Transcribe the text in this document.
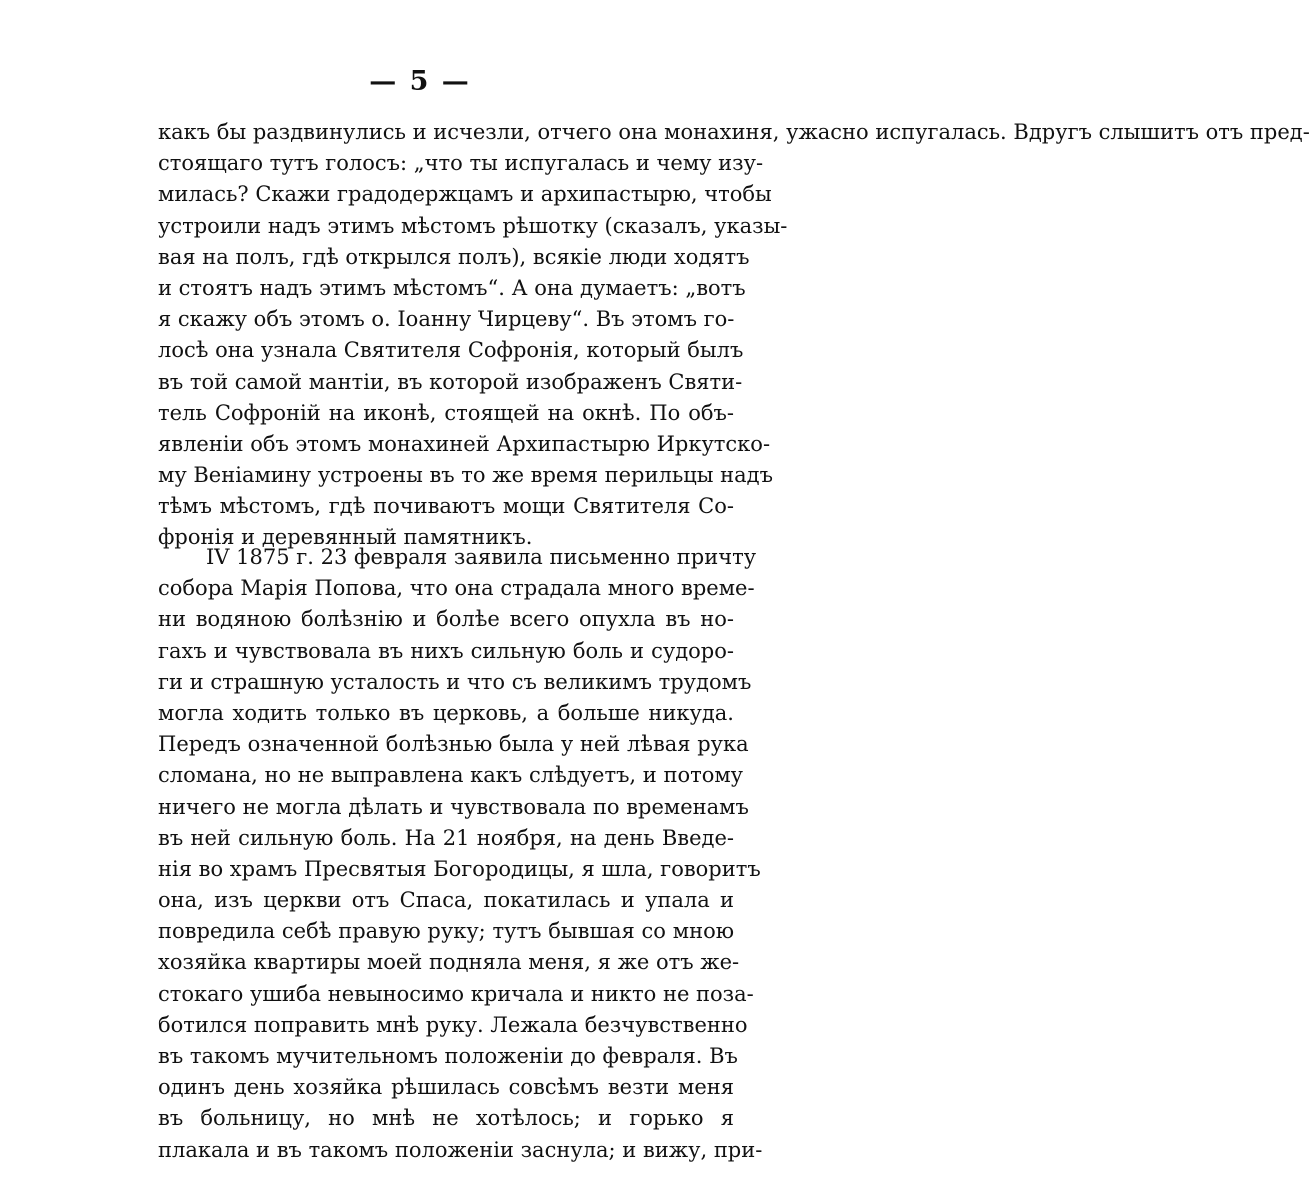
— 5 —
какъ бы раздвинулись и исчезли, отчего она монахиня, ужасно испугалась. Вдругъ слышитъ отъ пред-
стоящаго тутъ голосъ: „что ты испугалась и чему изу-
милась? Скажи градодержцамъ и архипастырю, чтобы
устроили надъ этимъ мѣстомъ рѣшотку (сказалъ, указы-
вая на полъ, гдѣ открылся полъ), всякіе люди ходятъ
и стоятъ надъ этимъ мѣстомъ“. А она думаетъ: „вотъ
я скажу объ этомъ о. Іоанну Чирцеву“. Въ этомъ го-
лосѣ она узнала Святителя Софронія, который былъ
въ той самой мантіи, въ которой изображенъ Святи-
тель Софроній на иконѣ, стоящей на окнѣ. По объ-
явленіи объ этомъ монахиней Архипастырю Иркутско-
му Веніамину устроены въ то же время перильцы надъ
тѣмъ мѣстомъ, гдѣ почиваютъ мощи Святителя Со-
фронія и деревянный памятникъ.
IV 1875 г. 23 февраля заявила письменно причту
собора Марія Попова, что она страдала много време-
ни водяною болѣзнію и болѣе всего опухла въ но-
гахъ и чувствовала въ нихъ сильную боль и судоро-
ги и страшную усталость и что съ великимъ трудомъ
могла ходить только въ церковь, а больше никуда.
Передъ означенной болѣзнью была у ней лѣвая рука
сломана, но не выправлена какъ слѣдуетъ, и потому
ничего не могла дѣлать и чувствовала по временамъ
въ ней сильную боль. На 21 ноября, на день Введе-
нія во храмъ Пресвятыя Богородицы, я шла, говоритъ
она, изъ церкви отъ Спаса, покатилась и упала и
повредила себѣ правую руку; тутъ бывшая со мною
хозяйка квартиры моей подняла меня, я же отъ же-
стокаго ушиба невыносимо кричала и никто не поза-
ботился поправить мнѣ руку. Лежала безчувственно
въ такомъ мучительномъ положеніи до февраля. Въ
одинъ день хозяйка рѣшилась совсѣмъ везти меня
въ больницу, но мнѣ не хотѣлось; и горько я
плакала и въ такомъ положеніи заснула; и вижу, при-
